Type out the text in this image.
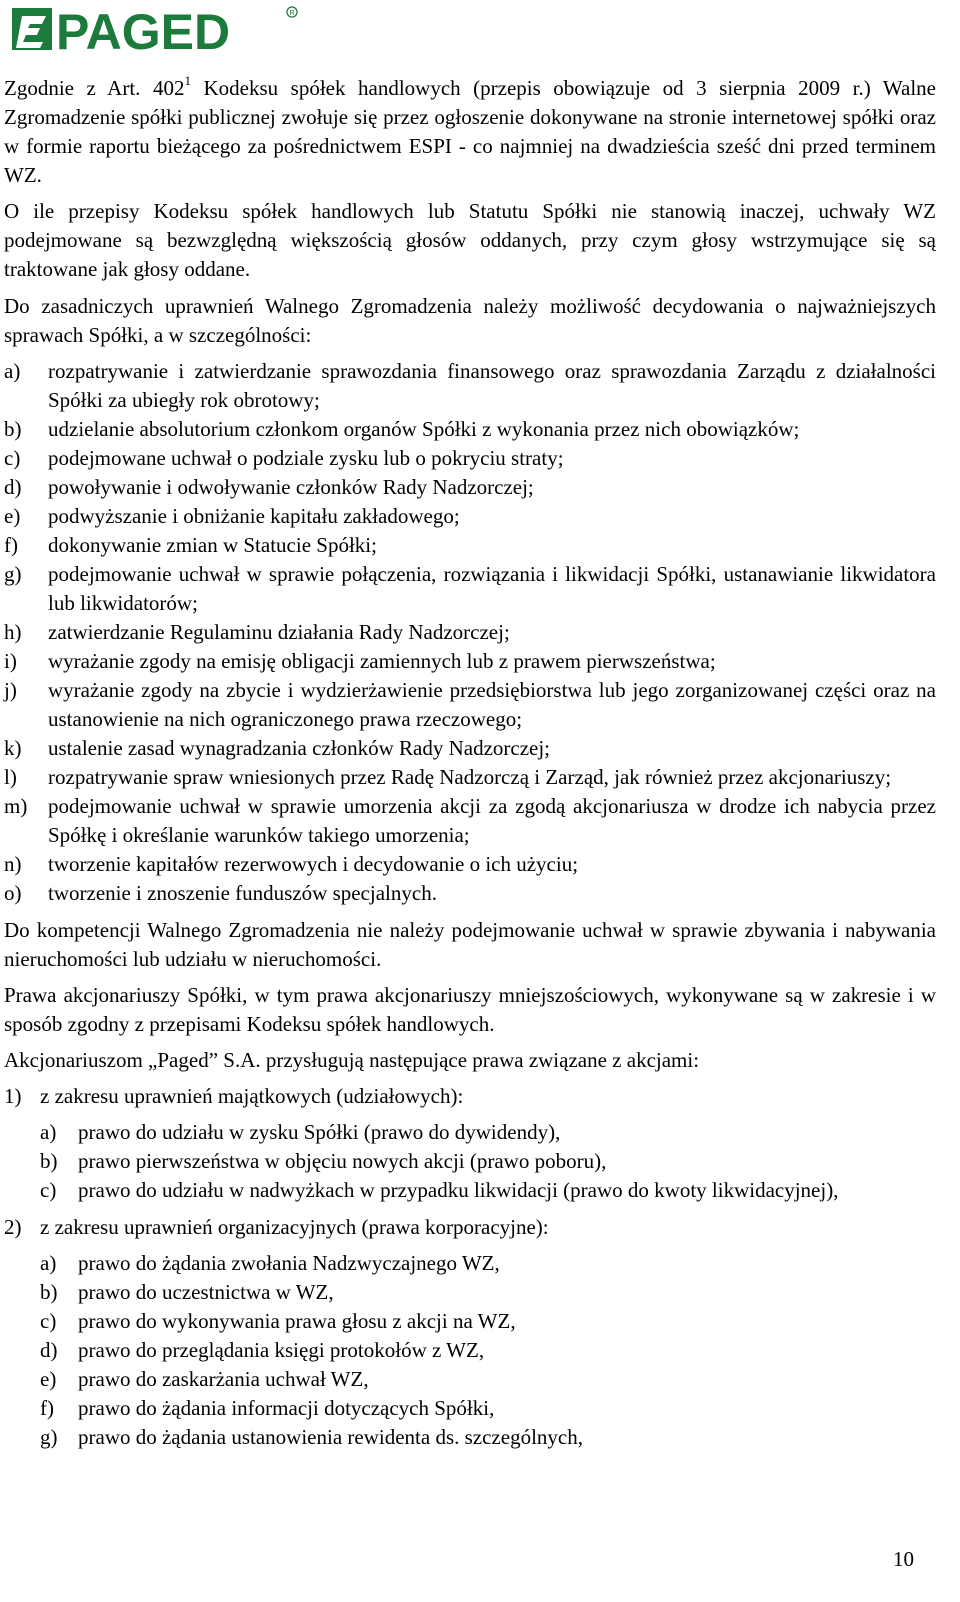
PAGED	R

Zgodnie z Art. $402^1$ Kodeksu spółek handlowych (przepis obowiązuje od 3 sierpnia 2009 r.) Walne Zgromadzenie spółki publicznej zwołuje się przez ogłoszenie dokonywane na stronie internetowej spółki oraz w formie raportu bieżącego za pośrednictwem ESPI - co najmniej na dwadzieścia sześć dni przed terminem WZ.

O ile przepisy Kodeksu spółek handlowych lub Statutu Spółki nie stanowią inaczej, uchwały WZ podejmowane są bezwzględną większością głosów oddanych, przy czym głosy wstrzymujące się są traktowane jak głosy oddane.

Do zasadniczych uprawnień Walnego Zgromadzenia należy możliwość decydowania o najważniejszych sprawach Spółki, a w szczególności:

a)	rozpatrywanie i zatwierdzanie sprawozdania finansowego oraz sprawozdania Zarządu z działalności Spółki za ubiegły rok obrotowy;
b)	udzielanie absolutorium członkom organów Spółki z wykonania przez nich obowiązków;
c)	podejmowane uchwał o podziale zysku lub o pokryciu straty;
d)	powoływanie i odwoływanie członków Rady Nadzorczej;
e)	podwyższanie i obniżanie kapitału zakładowego;
f)	dokonywanie zmian w Statucie Spółki;
g)	podejmowanie uchwał w sprawie połączenia, rozwiązania i likwidacji Spółki, ustanawianie likwidatora lub likwidatorów;
h)	zatwierdzanie Regulaminu działania Rady Nadzorczej;
i)	wyrażanie zgody na emisję obligacji zamiennych lub z prawem pierwszeństwa;
j)	wyrażanie zgody na zbycie i wydzierżawienie przedsiębiorstwa lub jego zorganizowanej części oraz na ustanowienie na nich ograniczonego prawa rzeczowego;
k)	ustalenie zasad wynagradzania członków Rady Nadzorczej;
l)	rozpatrywanie spraw wniesionych przez Radę Nadzorczą i Zarząd, jak również przez akcjonariuszy;
m) podejmowanie uchwał w sprawie umorzenia akcji za zgodą akcjonariusza w drodze ich nabycia przez Spółkę i określanie warunków takiego umorzenia;
n)	tworzenie kapitałów rezerwowych i decydowanie o ich użyciu;
o)	tworzenie i znoszenie funduszów specjalnych.

Do kompetencji Walnego Zgromadzenia nie należy podejmowanie uchwał w sprawie zbywania i nabywania nieruchomości lub udziału w nieruchomości.

Prawa akcjonariuszy Spółki, w tym prawa akcjonariuszy mniejszościowych, wykonywane są w zakresie i w sposób zgodny z przepisami Kodeksu spółek handlowych.

Akcjonariuszom „Paged” S.A. przysługują następujące prawa związane z akcjami:

1) z zakresu uprawnień majątkowych (udziałowych):
a)	prawo do udziału w zysku Spółki (prawo do dywidendy),
b) prawo pierwszeństwa w objęciu nowych akcji (prawo poboru),
c)	prawo do udziału w nadwyżkach w przypadku likwidacji (prawo do kwoty likwidacyjnej),
2) z zakresu uprawnień organizacyjnych (prawa korporacyjne):
a)	prawo do żądania zwołania Nadzwyczajnego WZ,
b) prawo do uczestnictwa w WZ,
c)	prawo do wykonywania prawa głosu z akcji na WZ,
d) prawo do przeglądania księgi protokołów z WZ,
e)	prawo do zaskarżania uchwał WZ,
f)	prawo do żądania informacji dotyczących Spółki,
g) prawo do żądania ustanowienia rewidenta ds. szczególnych,
10
